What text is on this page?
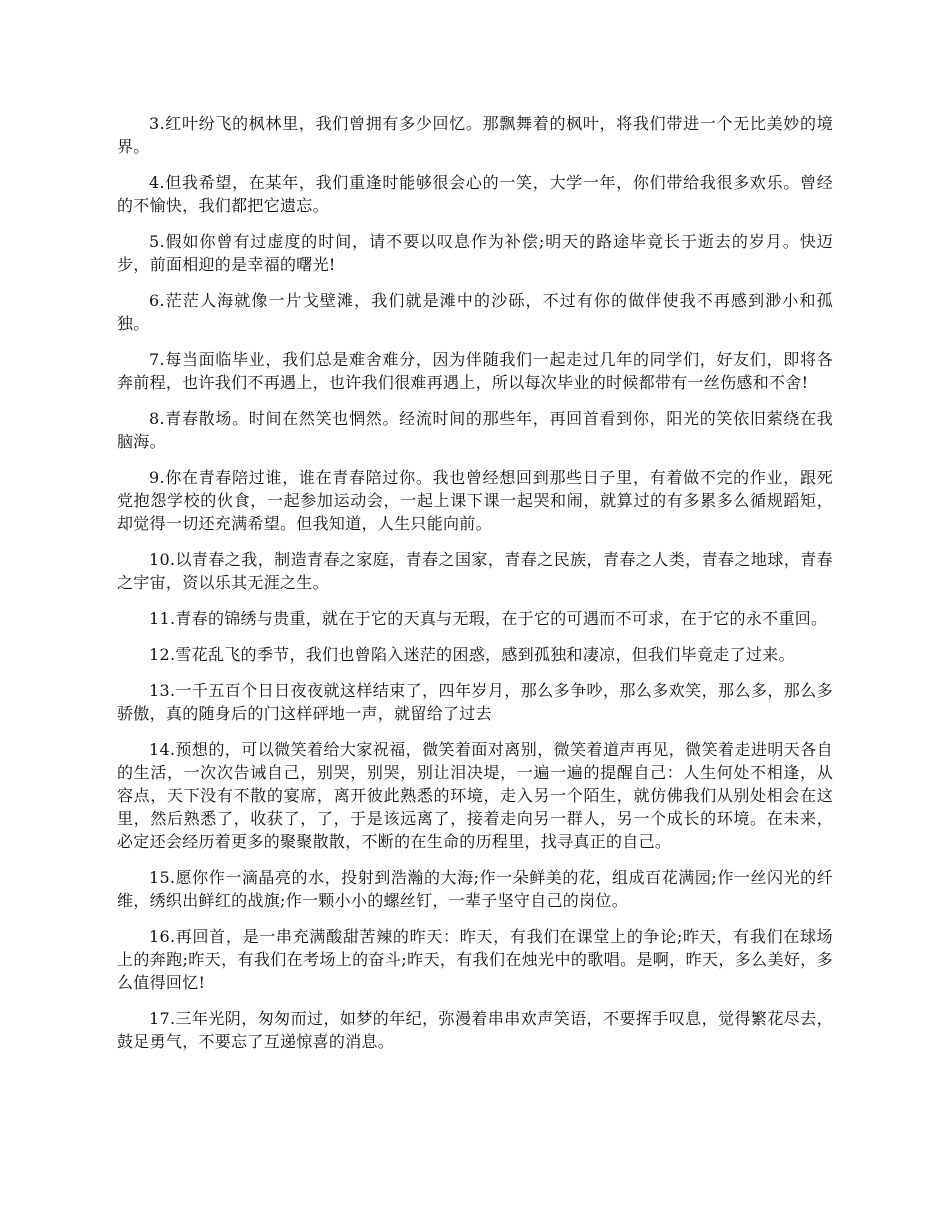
3.红叶纷飞的枫林里，我们曾拥有多少回忆。那飘舞着的枫叶，将我们带进一个无比美妙的境界。

4.但我希望，在某年，我们重逢时能够很会心的一笑，大学一年，你们带给我很多欢乐。曾经的不愉快，我们都把它遗忘。

5.假如你曾有过虚度的时间，请不要以叹息作为补偿;明天的路途毕竟长于逝去的岁月。快迈步，前面相迎的是幸福的曙光!

6.茫茫人海就像一片戈壁滩，我们就是滩中的沙砾，不过有你的做伴使我不再感到渺小和孤独。

7.每当面临毕业，我们总是难舍难分，因为伴随我们一起走过几年的同学们，好友们，即将各奔前程，也许我们不再遇上，也许我们很难再遇上，所以每次毕业的时候都带有一丝伤感和不舍!

8.青春散场。时间在然笑也惘然。经流时间的那些年，再回首看到你，阳光的笑依旧萦绕在我脑海。

9.你在青春陪过谁，谁在青春陪过你。我也曾经想回到那些日子里，有着做不完的作业，跟死党抱怨学校的伙食，一起参加运动会，一起上课下课一起哭和闹，就算过的有多累多么循规蹈矩，却觉得一切还充满希望。但我知道，人生只能向前。

10.以青春之我，制造青春之家庭，青春之国家，青春之民族，青春之人类，青春之地球，青春之宇宙，资以乐其无涯之生。

11.青春的锦绣与贵重，就在于它的天真与无瑕，在于它的可遇而不可求，在于它的永不重回。

12.雪花乱飞的季节，我们也曾陷入迷茫的困惑，感到孤独和凄凉，但我们毕竟走了过来。

13.一千五百个日日夜夜就这样结束了，四年岁月，那么多争吵，那么多欢笑，那么多，那么多骄傲，真的随身后的门这样砰地一声，就留给了过去

14.预想的，可以微笑着给大家祝福，微笑着面对离别，微笑着道声再见，微笑着走进明天各自的生活，一次次告诫自己，别哭，别哭，别让泪决堤，一遍一遍的提醒自己：人生何处不相逢，从容点，天下没有不散的宴席，离开彼此熟悉的环境，走入另一个陌生，就仿佛我们从别处相会在这里，然后熟悉了，收获了，了，于是该远离了，接着走向另一群人，另一个成长的环境。在未来，必定还会经历着更多的聚聚散散，不断的在生命的历程里，找寻真正的自己。

15.愿你作一滴晶亮的水，投射到浩瀚的大海;作一朵鲜美的花，组成百花满园;作一丝闪光的纤维，绣织出鲜红的战旗;作一颗小小的螺丝钉，一辈子坚守自己的岗位。

16.再回首，是一串充满酸甜苦辣的昨天：昨天，有我们在课堂上的争论;昨天，有我们在球场上的奔跑;昨天，有我们在考场上的奋斗;昨天，有我们在烛光中的歌唱。是啊，昨天，多么美好，多么值得回忆!

17.三年光阴，匆匆而过，如梦的年纪，弥漫着串串欢声笑语，不要挥手叹息，觉得繁花尽去，鼓足勇气，不要忘了互递惊喜的消息。
